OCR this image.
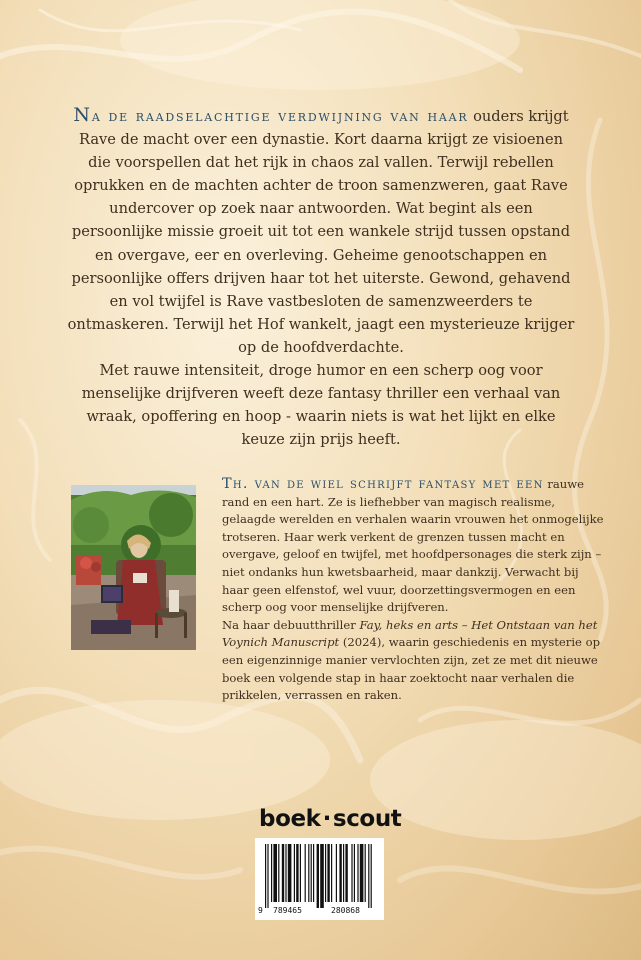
Na de raadselachtige verdwijning van haar ouders krijgt Rave de macht over een dynastie. Kort daarna krijgt ze visioenen die voorspellen dat het rijk in chaos zal vallen. Terwijl rebellen oprukken en de machten achter de troon samenzweren, gaat Rave undercover op zoek naar antwoorden. Wat begint als een persoonlijke missie groeit uit tot een wankele strijd tussen opstand en overgave, eer en overleving. Geheime genootschappen en persoonlijke offers drijven haar tot het uiterste. Gewond, gehavend en vol twijfel is Rave vastbesloten de samenzweerders te ontmaskeren. Terwijl het Hof wankelt, jaagt een mysterieuze krijger op de hoofdverdachte.

Met rauwe intensiteit, droge humor en een scherp oog voor menselijke drijfveren weeft deze fantasy thriller een verhaal van wraak, opoffering en hoop - waarin niets is wat het lijkt en elke keuze zijn prijs heeft.

Th. van de wiel schrijft fantasy met een rauwe rand en een hart. Ze is liefhebber van magisch realisme, gelaagde werelden en verhalen waarin vrouwen het onmogelijke trotseren. Haar werk verkent de grenzen tussen macht en overgave, geloof en twijfel, met hoofdpersonages die sterk zijn – niet ondanks hun kwetsbaarheid, maar dankzij. Verwacht bij haar geen elfenstof, wel vuur, doorzettingsvermogen en een scherp oog voor menselijke drijfveren.

Na haar debuutthriller Fay, heks en arts – Het Ontstaan van het Voynich Manuscript (2024), waarin geschiedenis en mysterie op een eigenzinnige manier vervlochten zijn, zet ze met dit nieuwe boek een volgende stap in haar zoektocht naar verhalen die prikkelen, verrassen en raken.

boek·scout
9 789465	280868
